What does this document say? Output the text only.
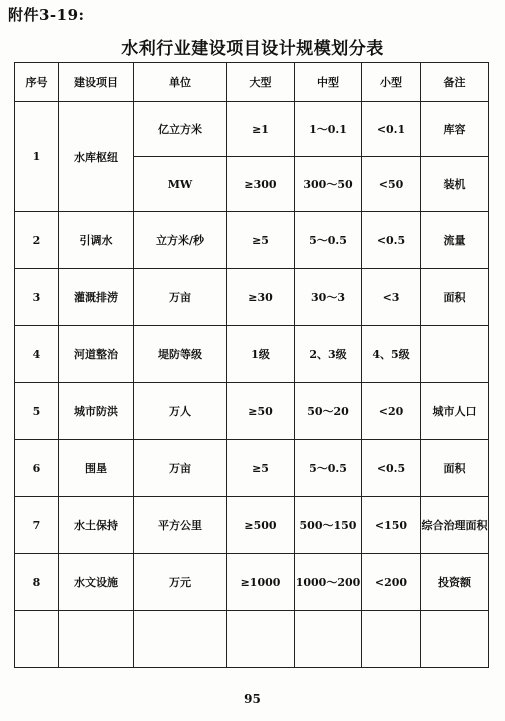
附件3-19:
水利行业建设项目设计规模划分表
序号	建设项目	单位	大型	中型	小型	备注
1	水库枢纽	亿立方米	≥1	1～0.1	<0.1	库容
		MW	≥300	300～50	<50	装机
2	引调水	立方米/秒	≥5	5～0.5	<0.5	流量
3	灌溉排涝	万亩	≥30	30～3	<3	面积
4	河道整治	堤防等级	1级	2、3级	4、5级	
5	城市防洪	万人	≥50	50～20	<20	城市人口
6	围垦	万亩	≥5	5～0.5	<0.5	面积
7	水土保持	平方公里	≥500	500～150	<150	综合治理面积
8	水文设施	万元	≥1000	1000～200	<200	投资额

95
